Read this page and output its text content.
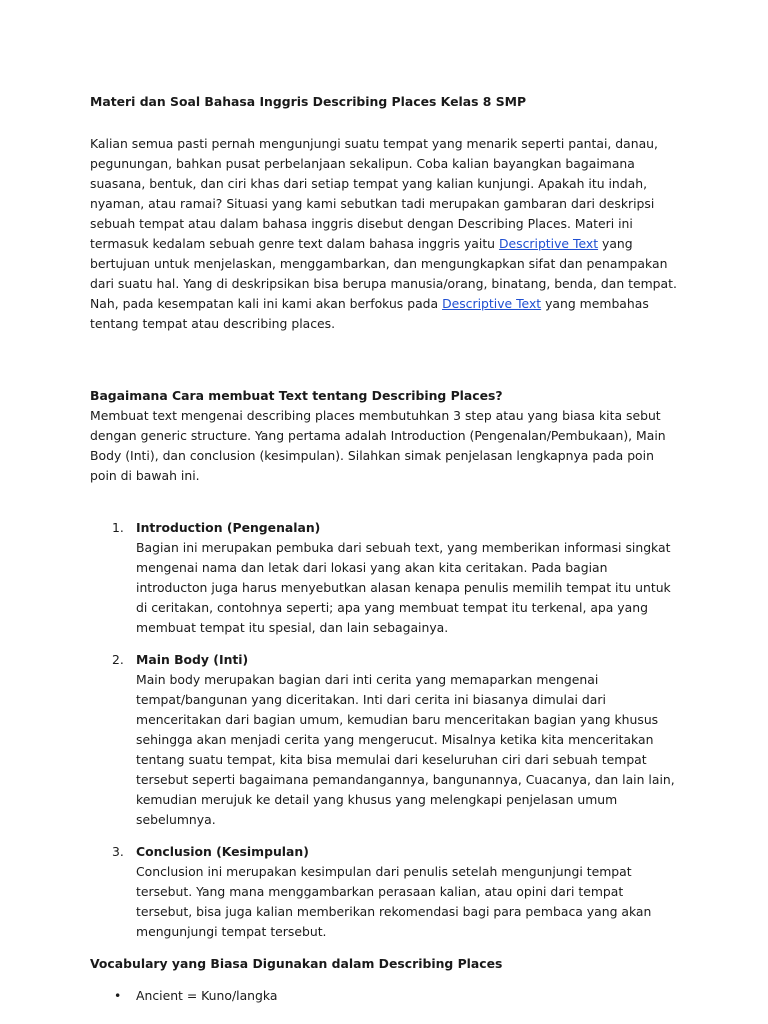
Materi dan Soal Bahasa Inggris Describing Places Kelas 8 SMP

Kalian semua pasti pernah mengunjungi suatu tempat yang menarik seperti pantai, danau, pegunungan, bahkan pusat perbelanjaan sekalipun. Coba kalian bayangkan bagaimana suasana, bentuk, dan ciri khas dari setiap tempat yang kalian kunjungi. Apakah itu indah, nyaman, atau ramai? Situasi yang kami sebutkan tadi merupakan gambaran dari deskripsi sebuah tempat atau dalam bahasa inggris disebut dengan Describing Places. Materi ini termasuk kedalam sebuah genre text dalam bahasa inggris yaitu Descriptive Text yang bertujuan untuk menjelaskan, menggambarkan, dan mengungkapkan sifat dan penampakan dari suatu hal. Yang di deskripsikan bisa berupa manusia/orang, binatang, benda, dan tempat. Nah, pada kesempatan kali ini kami akan berfokus pada Descriptive Text yang membahas tentang tempat atau describing places.

Bagaimana Cara membuat Text tentang Describing Places?

Membuat text mengenai describing places membutuhkan 3 step atau yang biasa kita sebut dengan generic structure. Yang pertama adalah Introduction (Pengenalan/Pembukaan), Main Body (Inti), dan conclusion (kesimpulan). Silahkan simak penjelasan lengkapnya pada poin poin di bawah ini.

1. Introduction (Pengenalan)
Bagian ini merupakan pembuka dari sebuah text, yang memberikan informasi singkat mengenai nama dan letak dari lokasi yang akan kita ceritakan. Pada bagian introducton juga harus menyebutkan alasan kenapa penulis memilih tempat itu untuk di ceritakan, contohnya seperti; apa yang membuat tempat itu terkenal, apa yang membuat tempat itu spesial, dan lain sebagainya.
2. Main Body (Inti)
Main body merupakan bagian dari inti cerita yang memaparkan mengenai tempat/bangunan yang diceritakan. Inti dari cerita ini biasanya dimulai dari menceritakan dari bagian umum, kemudian baru menceritakan bagian yang khusus sehingga akan menjadi cerita yang mengerucut. Misalnya ketika kita menceritakan tentang suatu tempat, kita bisa memulai dari keseluruhan ciri dari sebuah tempat tersebut seperti bagaimana pemandangannya, bangunannya, Cuacanya, dan lain lain, kemudian merujuk ke detail yang khusus yang melengkapi penjelasan umum sebelumnya.
3. Conclusion (Kesimpulan)
Conclusion ini merupakan kesimpulan dari penulis setelah mengunjungi tempat tersebut. Yang mana menggambarkan perasaan kalian, atau opini dari tempat tersebut, bisa juga kalian memberikan rekomendasi bagi para pembaca yang akan mengunjungi tempat tersebut.

Vocabulary yang Biasa Digunakan dalam Describing Places

• Ancient = Kuno/langka
